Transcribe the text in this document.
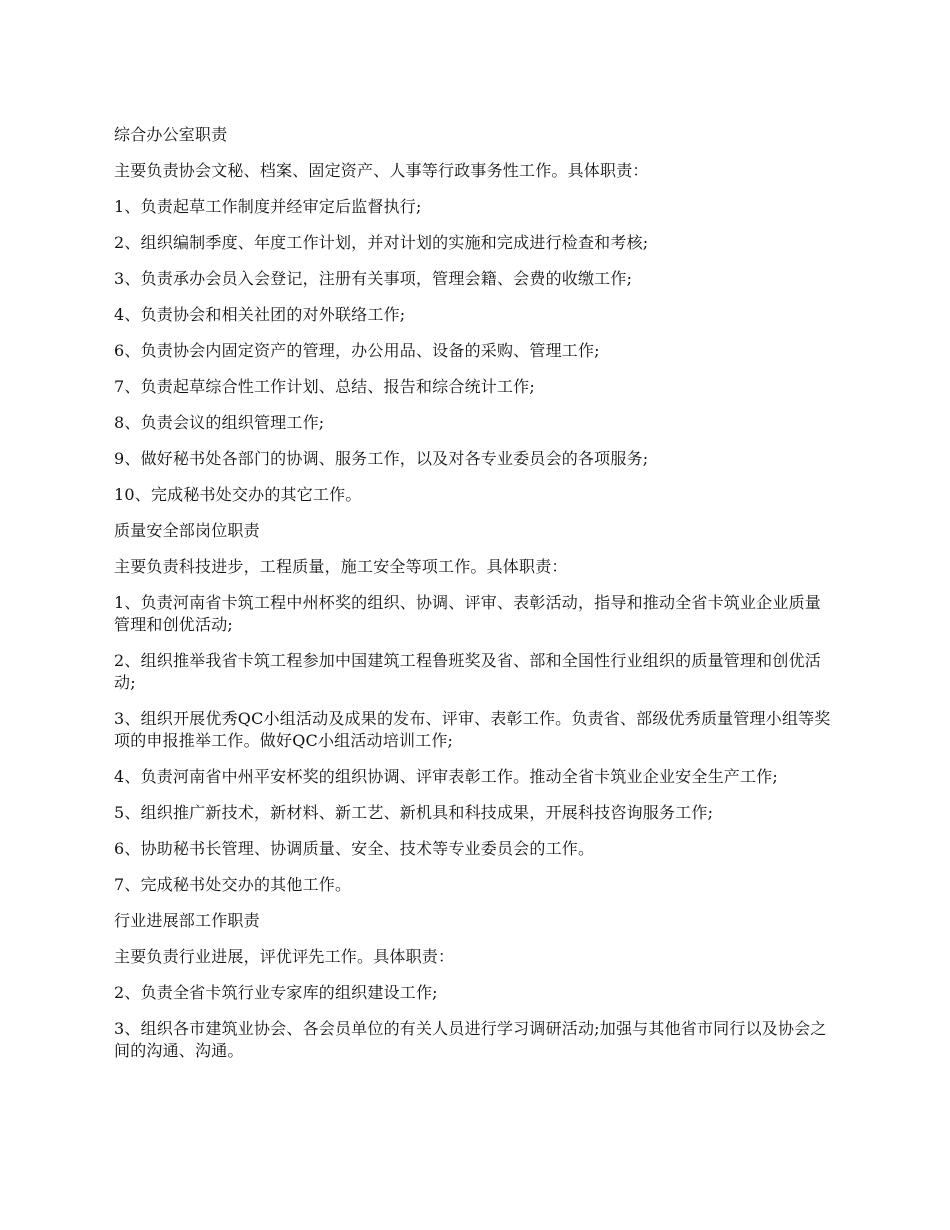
综合办公室职责

主要负责协会文秘、档案、固定资产、人事等行政事务性工作。具体职责：

1、负责起草工作制度并经审定后监督执行;

2、组织编制季度、年度工作计划，并对计划的实施和完成进行检查和考核;

3、负责承办会员入会登记，注册有关事项，管理会籍、会费的收缴工作;

4、负责协会和相关社团的对外联络工作;

6、负责协会内固定资产的管理，办公用品、设备的采购、管理工作;

7、负责起草综合性工作计划、总结、报告和综合统计工作;

8、负责会议的组织管理工作;

9、做好秘书处各部门的协调、服务工作，以及对各专业委员会的各项服务;

10、完成秘书处交办的其它工作。

质量安全部岗位职责

主要负责科技进步，工程质量，施工安全等项工作。具体职责：

1、负责河南省卡筑工程中州杯奖的组织、协调、评审、表彰活动，指导和推动全省卡筑业企业质量管理和创优活动;

2、组织推举我省卡筑工程参加中国建筑工程鲁班奖及省、部和全国性行业组织的质量管理和创优活动;

3、组织开展优秀QC小组活动及成果的发布、评审、表彰工作。负责省、部级优秀质量管理小组等奖项的申报推举工作。做好QC小组活动培训工作;

4、负责河南省中州平安杯奖的组织协调、评审表彰工作。推动全省卡筑业企业安全生产工作;

5、组织推广新技术，新材料、新工艺、新机具和科技成果，开展科技咨询服务工作;

6、协助秘书长管理、协调质量、安全、技术等专业委员会的工作。

7、完成秘书处交办的其他工作。

行业进展部工作职责

主要负责行业进展，评优评先工作。具体职责：

2、负责全省卡筑行业专家库的组织建设工作;

3、组织各市建筑业协会、各会员单位的有关人员进行学习调研活动;加强与其他省市同行以及协会之间的沟通、沟通。
